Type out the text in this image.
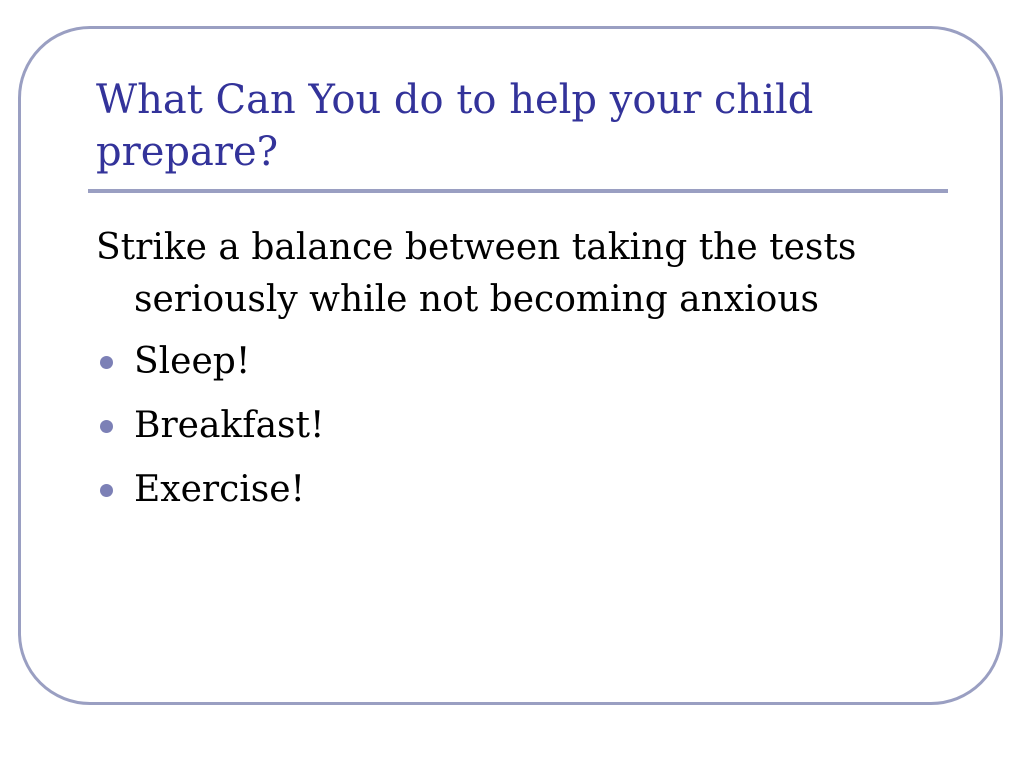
What Can You do to help your child prepare?

Strike a balance between taking the tests seriously while not becoming anxious

Sleep!
Breakfast!
Exercise!
